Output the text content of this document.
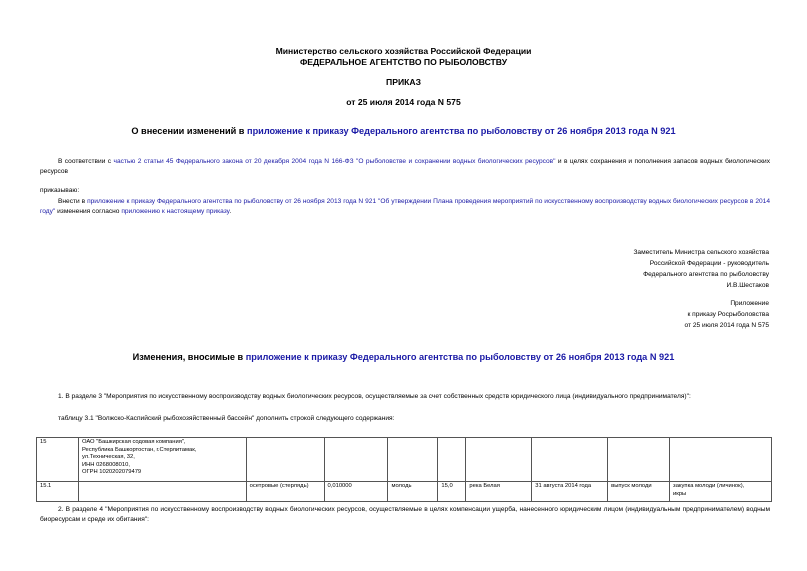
Министерство сельского хозяйства Российской Федерации
ФЕДЕРАЛЬНОЕ АГЕНТСТВО ПО РЫБОЛОВСТВУ
ПРИКАЗ
от 25 июля 2014 года N 575
О внесении изменений в приложение к приказу Федерального агентства по рыболовству от 26 ноября 2013 года N 921
В соответствии с частью 2 статьи 45 Федерального закона от 20 декабря 2004 года N 166-ФЗ "О рыболовстве и сохранении водных биологических ресурсов" и в целях сохранения и пополнения запасов водных биологических ресурсов
приказываю:
Внести в приложение к приказу Федерального агентства по рыболовству от 26 ноября 2013 года N 921 "Об утверждении Плана проведения мероприятий по искусственному воспроизводству водных биологических ресурсов в 2014 году" изменения согласно приложению к настоящему приказу.
Заместитель Министра сельского хозяйства
Российской Федерации - руководитель
Федерального агентства по рыболовству
И.В.Шестаков
Приложение
к приказу Росрыболовства
от 25 июля 2014 года N 575
Изменения, вносимые в приложение к приказу Федерального агентства по рыболовству от 26 ноября 2013 года N 921
1. В разделе 3 "Мероприятия по искусственному воспроизводству водных биологических ресурсов, осуществляемые за счет собственных средств юридического лица (индивидуального предпринимателя)":
таблицу 3.1 "Волжско-Каспийский рыбохозяйственный бассейн" дополнить строкой следующего содержания:
15	ОАО "Башкирская содовая компания",
Республика Башкортостан, г.Стерлитамак,
ул.Техническая, 32,
ИНН 0268008010,
ОГРН 1020202079479								

15.1		осетровые (стерлядь)	0,010000	молодь	15,0	река Белая	31 августа 2014 года	выпуск молоди	закупка молоди (личинок),
икры
2. В разделе 4 "Мероприятия по искусственному воспроизводству водных биологических ресурсов, осуществляемые в целях компенсации ущерба, нанесенного юридическим лицом (индивидуальным предпринимателем) водным биоресурсам и среде их обитания":
